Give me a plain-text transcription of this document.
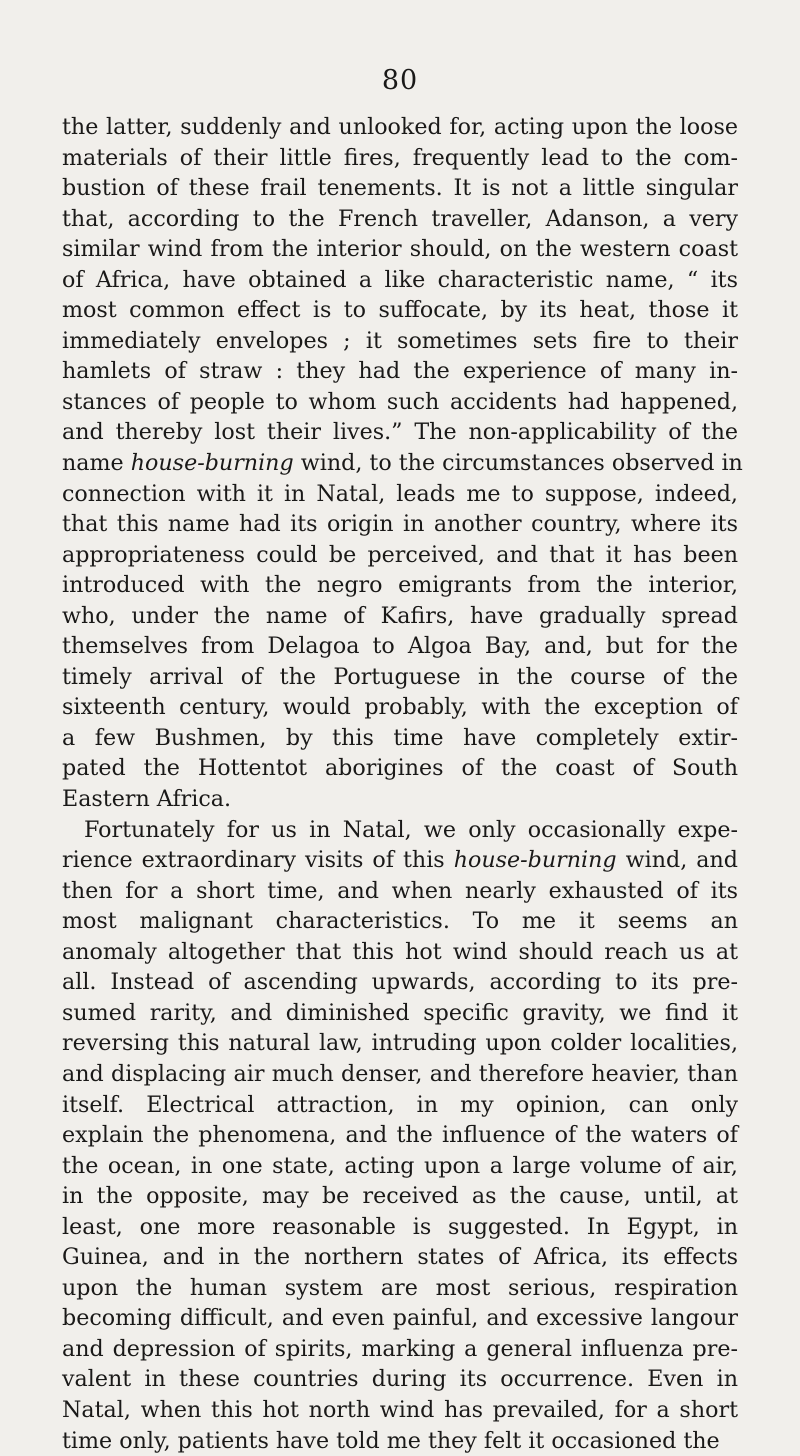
80
the latter, suddenly and unlooked for, acting upon the loose
materials of their little fires, frequently lead to the com-
bustion of these frail tenements. It is not a little singular
that, according to the French traveller, Adanson, a very
similar wind from the interior should, on the western coast
of Africa, have obtained a like characteristic name, “ its
most common effect is to suffocate, by its heat, those it
immediately envelopes ; it sometimes sets fire to their
hamlets of straw : they had the experience of many in-
stances of people to whom such accidents had happened,
and thereby lost their lives.” The non-applicability of the
name house-burning wind, to the circumstances observed in
connection with it in Natal, leads me to suppose, indeed,
that this name had its origin in another country, where its
appropriateness could be perceived, and that it has been
introduced with the negro emigrants from the interior,
who, under the name of Kafirs, have gradually spread
themselves from Delagoa to Algoa Bay, and, but for the
timely arrival of the Portuguese in the course of the
sixteenth century, would probably, with the exception of
a few Bushmen, by this time have completely extir-
pated the Hottentot aborigines of the coast of South
Eastern Africa.
Fortunately for us in Natal, we only occasionally expe-
rience extraordinary visits of this house-burning wind, and
then for a short time, and when nearly exhausted of its
most malignant characteristics. To me it seems an
anomaly altogether that this hot wind should reach us at
all. Instead of ascending upwards, according to its pre-
sumed rarity, and diminished specific gravity, we find it
reversing this natural law, intruding upon colder localities,
and displacing air much denser, and therefore heavier, than
itself. Electrical attraction, in my opinion, can only
explain the phenomena, and the influence of the waters of
the ocean, in one state, acting upon a large volume of air,
in the opposite, may be received as the cause, until, at
least, one more reasonable is suggested. In Egypt, in
Guinea, and in the northern states of Africa, its effects
upon the human system are most serious, respiration
becoming difficult, and even painful, and excessive langour
and depression of spirits, marking a general influenza pre-
valent in these countries during its occurrence. Even in
Natal, when this hot north wind has prevailed, for a short
time only, patients have told me they felt it occasioned the
